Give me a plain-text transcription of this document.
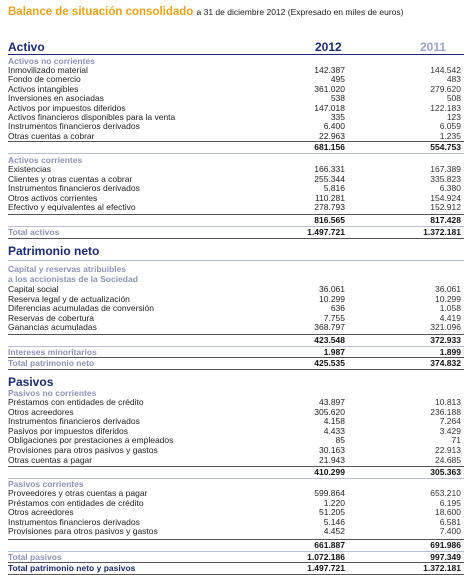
Balance de situación consolidado a 31 de diciembre 2012 (Expresado en miles de euros)
Activo	2012	2011
Activos no corrientes
Inmovilizado material	142.387	144.542
Fondo de comercio	495	483
Activos intangibles	361.020	279.620
Inversiones en asociadas	538	508
Activos por impuestos diferidos	147.018	122.183
Activos financieros disponibles para la venta	335	123
Instrumentos financieros derivados	6.400	6.059
Otras cuentas a cobrar	22.963	1.235
681.156	554.753
Activos corrientes
Existencias	166.331	167.389
Clientes y otras cuentas a cobrar	255.344	335.823
Instrumentos financieros derivados	5.816	6.380
Otros activos corrientes	110.281	154.924
Efectivo y equivalentes al efectivo	278.793	152.912
816.565	817.428
Total activos	1.497.721	1.372.181
Patrimonio neto
Capital y reservas atribuibles
a los accionistas de la Sociedad
Capital social	36.061	36.061
Reserva legal y de actualización	10.299	10.299
Diferencias acumuladas de conversión	636	1.058
Reservas de cobertura	7.755	4.419
Ganancias acumuladas	368.797	321.096
423.548	372.933
Intereses minoritarios	1.987	1.899
Total patrimonio neto	425.535	374.832
Pasivos
Pasivos no corrientes
Préstamos con entidades de crédito	43.897	10.813
Otros acreedores	305.620	236.188
Instrumentos financieros derivados	4.158	7.264
Pasivos por impuestos diferidos	4.433	3.429
Obligaciones por prestaciones a empleados	85	71
Provisiones para otros pasivos y gastos	30.163	22.913
Otras cuentas a pagar	21.943	24.685
410.299	305.363
Pasivos corrientes
Proveedores y otras cuentas a pagar	599.864	653.210
Préstamos con entidades de crédito	1.220	6.195
Otros acreedores	51.205	18.600
Instrumentos financieros derivados	5.146	6.581
Provisiones para otros pasivos y gastos	4.452	7.400
661.887	691.986
Total pasivos	1.072.186	997.349
Total patrimonio neto y pasivos	1.497.721	1.372.181
